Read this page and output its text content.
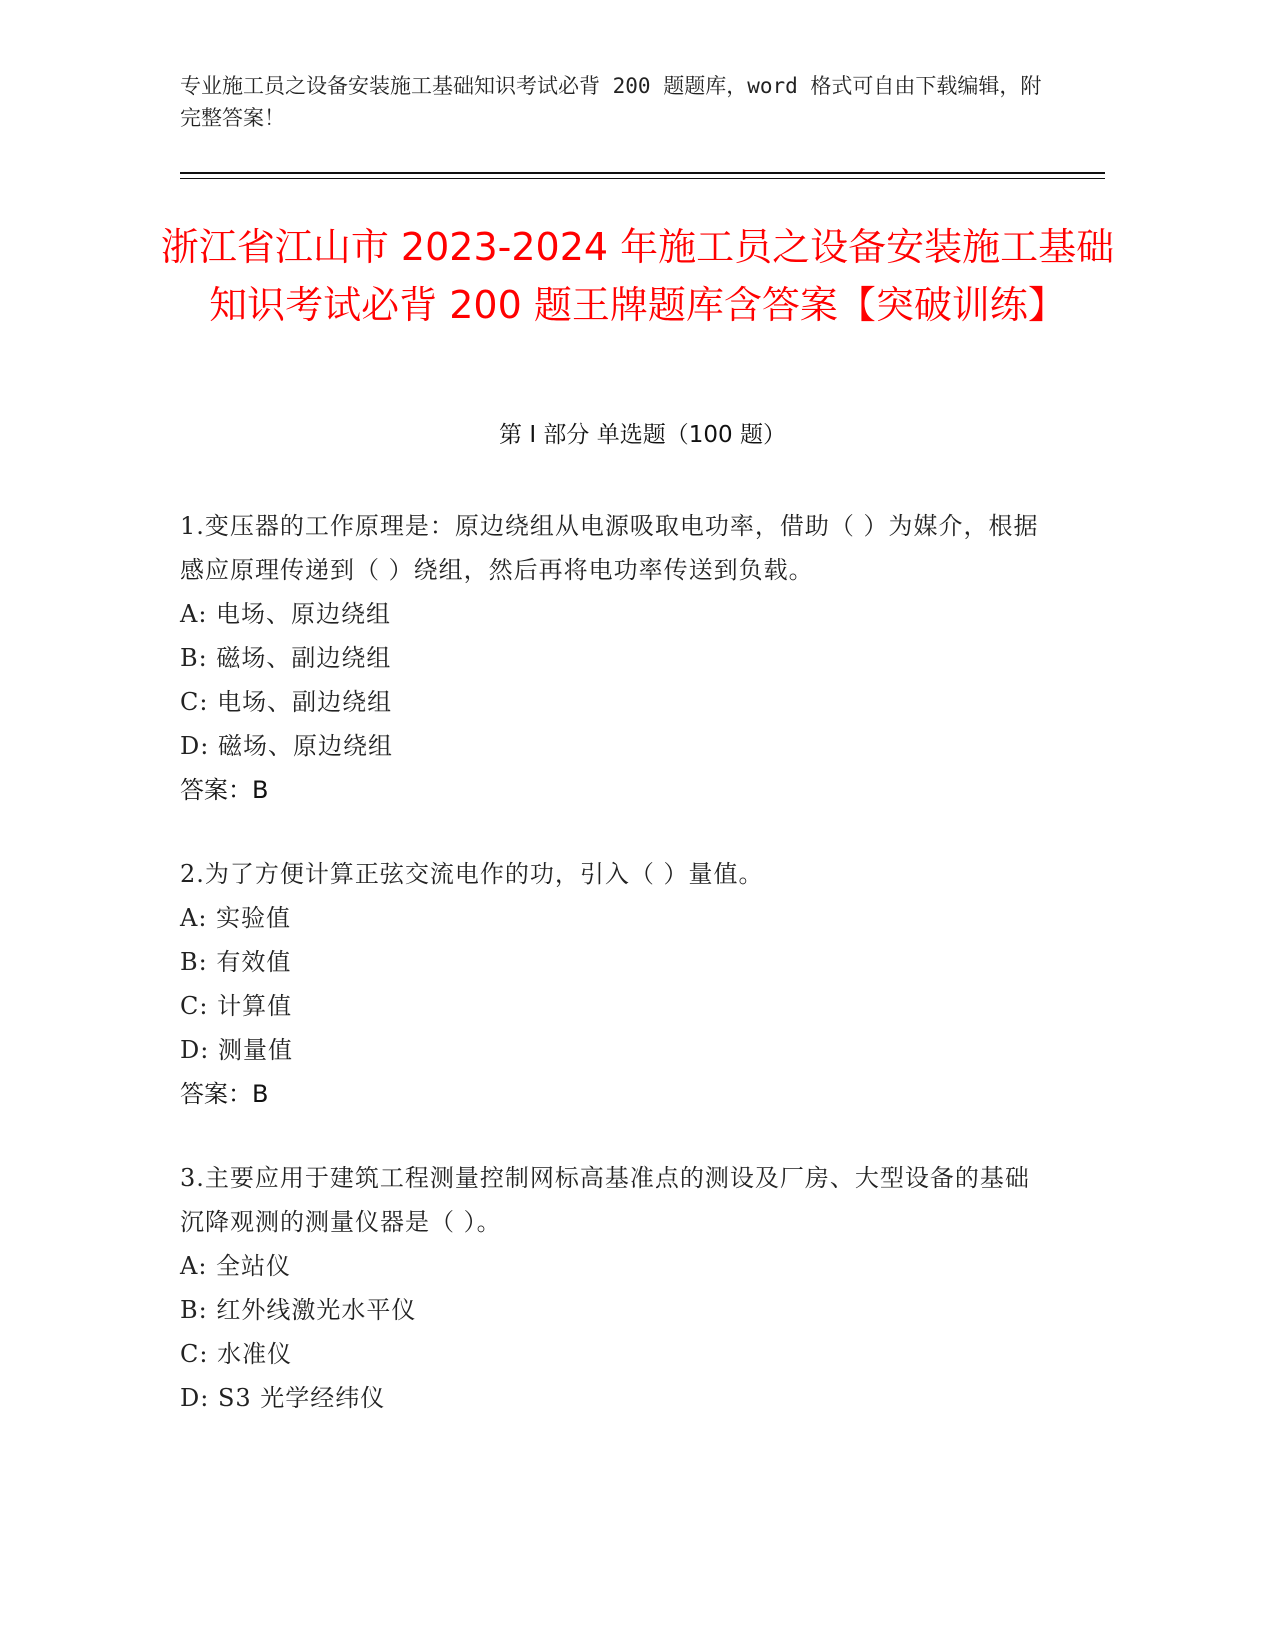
专业施工员之设备安装施工基础知识考试必背 200 题题库，word 格式可自由下载编辑，附完整答案！
浙江省江山市 2023-2024 年施工员之设备安装施工基础知识考试必背 200 题王牌题库含答案【突破训练】
第 I 部分 单选题（100 题）
1.变压器的工作原理是：原边绕组从电源吸取电功率，借助（ ）为媒介，根据感应原理传递到（ ）绕组，然后再将电功率传送到负载。
A: 电场、原边绕组
B: 磁场、副边绕组
C: 电场、副边绕组
D: 磁场、原边绕组
答案：B
2.为了方便计算正弦交流电作的功，引入（ ）量值。
A: 实验值
B: 有效值
C: 计算值
D: 测量值
答案：B
3.主要应用于建筑工程测量控制网标高基准点的测设及厂房、大型设备的基础沉降观测的测量仪器是（ ）。
A: 全站仪
B: 红外线激光水平仪
C: 水准仪
D: S3 光学经纬仪
